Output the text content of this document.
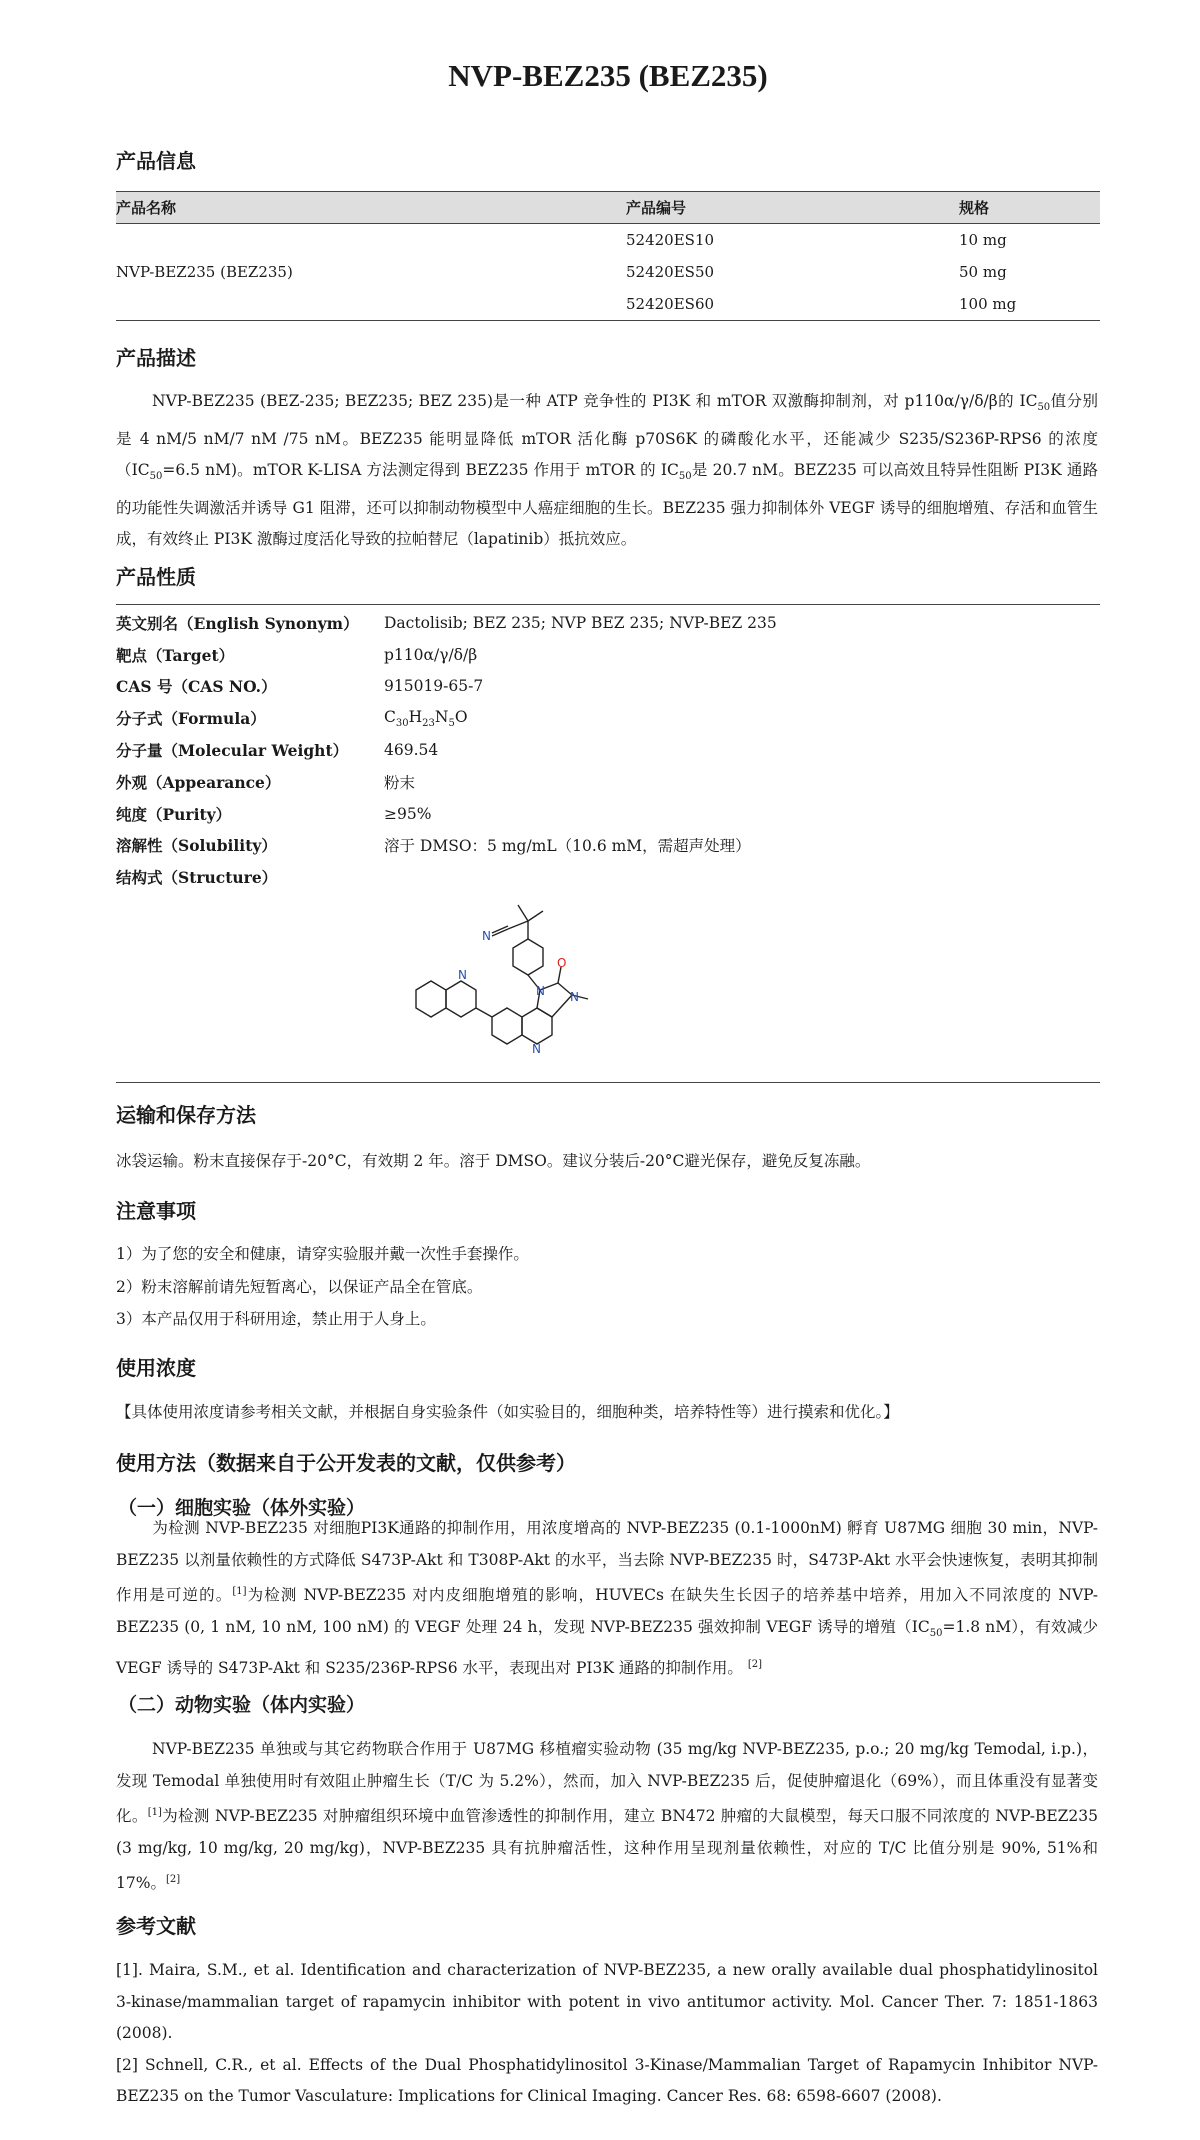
NVP-BEZ235 (BEZ235)
产品信息
产品名称	产品编号	规格
NVP-BEZ235 (BEZ235)	52420ES10	10 mg
	52420ES50	50 mg
	52420ES60	100 mg
产品描述
NVP-BEZ235 (BEZ-235; BEZ235; BEZ 235)是一种 ATP 竞争性的 PI3K 和 mTOR 双激酶抑制剂，对 p110α/γ/δ/β的 $IC_{50}$值分别是 4 nM/5 nM/7 nM /75 nM。BEZ235 能明显降低 mTOR 活化酶 p70S6K 的磷酸化水平，还能减少 S235/S236P-RPS6 的浓度（$IC_{50}=6.5$ nM)。mTOR K-LISA 方法测定得到 BEZ235 作用于 mTOR 的 $IC_{50}$是 20.7 nM。BEZ235 可以高效且特异性阻断 PI3K 通路的功能性失调激活并诱导 G1 阻滞，还可以抑制动物模型中人癌症细胞的生长。BEZ235 强力抑制体外 VEGF 诱导的细胞增殖、存活和血管生成，有效终止 PI3K 激酶过度活化导致的拉帕替尼（lapatinib）抵抗效应。
产品性质
英文别名（English Synonym）	Dactolisib; BEZ 235; NVP BEZ 235; NVP-BEZ 235
靶点（Target）	p110α/γ/δ/β
CAS 号（CAS NO.）	915019-65-7
分子式（Formula）	$C_{30}H_{23}N_5O$
分子量（Molecular Weight）	469.54
外观（Appearance）	粉末
纯度（Purity）	≥95%
溶解性（Solubility）	溶于 DMSO：5 mg/mL（10.6 mM，需超声处理）
结构式（Structure）
N
N N
N
N
O
运输和保存方法
冰袋运输。粉末直接保存于-20°C，有效期 2 年。溶于 DMSO。建议分装后-20°C避光保存，避免反复冻融。
注意事项
1）为了您的安全和健康，请穿实验服并戴一次性手套操作。
2）粉末溶解前请先短暂离心，以保证产品全在管底。
3）本产品仅用于科研用途，禁止用于人身上。
使用浓度
【具体使用浓度请参考相关文献，并根据自身实验条件（如实验目的，细胞种类，培养特性等）进行摸索和优化。】
使用方法（数据来自于公开发表的文献，仅供参考）
（一）细胞实验（体外实验）
为检测 NVP-BEZ235 对细胞PI3K通路的抑制作用，用浓度增高的 NVP-BEZ235 (0.1-1000nM) 孵育 U87MG 细胞 30 min，NVP-BEZ235 以剂量依赖性的方式降低 S473P-Akt 和 T308P-Akt 的水平，当去除 NVP-BEZ235 时，S473P-Akt 水平会快速恢复，表明其抑制作用是可逆的。[1]为检测 NVP-BEZ235 对内皮细胞增殖的影响，HUVECs 在缺失生长因子的培养基中培养，用加入不同浓度的 NVP-BEZ235 (0, 1 nM, 10 nM, 100 nM) 的 VEGF 处理 24 h，发现 NVP-BEZ235 强效抑制 VEGF 诱导的增殖（$IC_{50}=1.8$ nM），有效减少 VEGF 诱导的 S473P-Akt 和 S235/236P-RPS6 水平，表现出对 PI3K 通路的抑制作用。 [2]
（二）动物实验（体内实验）
NVP-BEZ235 单独或与其它药物联合作用于 U87MG 移植瘤实验动物 (35 mg/kg NVP-BEZ235, p.o.; 20 mg/kg Temodal, i.p.)，发现 Temodal 单独使用时有效阻止肿瘤生长（T/C 为 5.2%），然而，加入 NVP-BEZ235 后，促使肿瘤退化（69%），而且体重没有显著变化。[1]为检测 NVP-BEZ235 对肿瘤组织环境中血管渗透性的抑制作用，建立 BN472 肿瘤的大鼠模型，每天口服不同浓度的 NVP-BEZ235 (3 mg/kg, 10 mg/kg, 20 mg/kg)，NVP-BEZ235 具有抗肿瘤活性，这种作用呈现剂量依赖性，对应的 T/C 比值分别是 90%, 51%和 17%。[2]
参考文献
[1]. Maira, S.M., et al. Identification and characterization of NVP-BEZ235, a new orally available dual phosphatidylinositol 3-kinase/mammalian target of rapamycin inhibitor with potent in vivo antitumor activity. Mol. Cancer Ther. 7: 1851-1863 (2008).
[2] Schnell, C.R., et al. Effects of the Dual Phosphatidylinositol 3-Kinase/Mammalian Target of Rapamycin Inhibitor NVP-BEZ235 on the Tumor Vasculature: Implications for Clinical Imaging. Cancer Res. 68: 6598-6607 (2008).
